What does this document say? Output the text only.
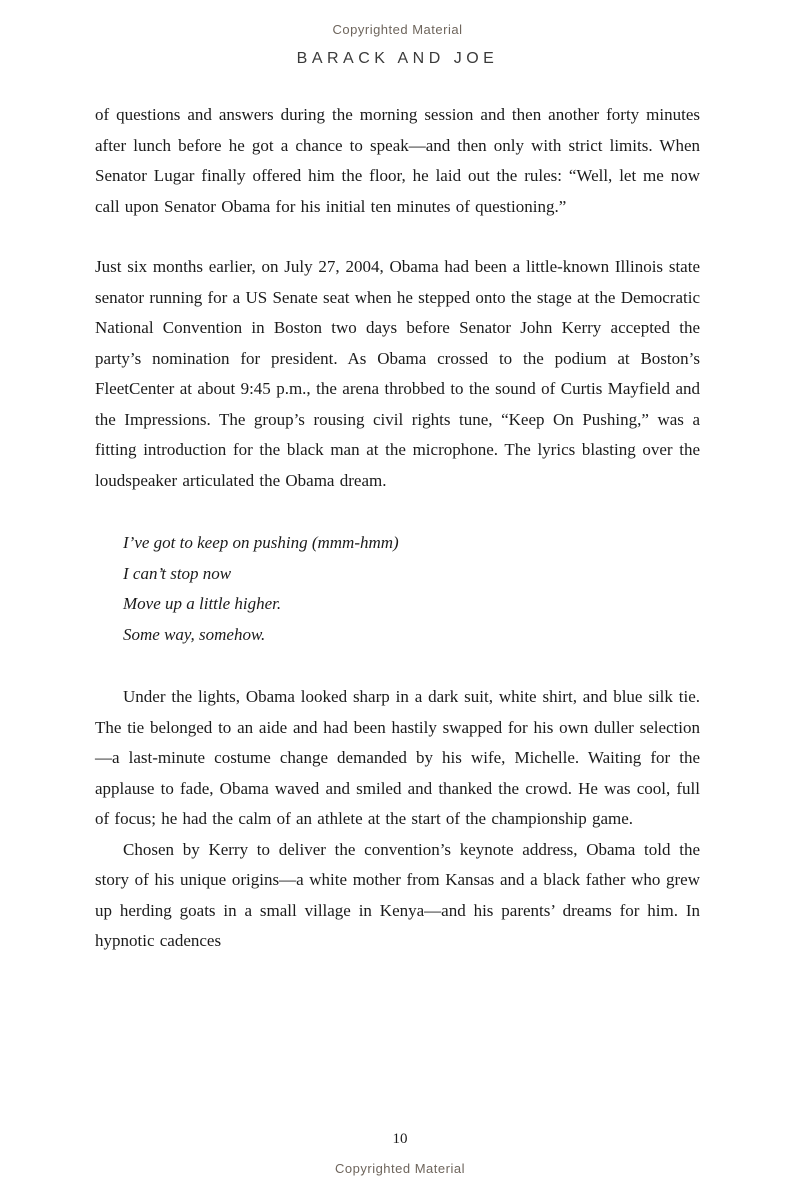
Copyrighted Material
BARACK AND JOE

of questions and answers during the morning session and then another forty minutes after lunch before he got a chance to speak—and then only with strict limits. When Senator Lugar finally offered him the floor, he laid out the rules: “Well, let me now call upon Senator Obama for his initial ten minutes of questioning.”

Just six months earlier, on July 27, 2004, Obama had been a little-known Illinois state senator running for a US Senate seat when he stepped onto the stage at the Democratic National Convention in Boston two days before Senator John Kerry accepted the party’s nomination for president. As Obama crossed to the podium at Boston’s FleetCenter at about 9:45 p.m., the arena throbbed to the sound of Curtis Mayfield and the Impressions. The group’s rousing civil rights tune, “Keep On Pushing,” was a fitting introduction for the black man at the microphone. The lyrics blasting over the loudspeaker articulated the Obama dream.

I’ve got to keep on pushing (mmm-hmm)
I can’t stop now
Move up a little higher.
Some way, somehow.

Under the lights, Obama looked sharp in a dark suit, white shirt, and blue silk tie. The tie belonged to an aide and had been hastily swapped for his own duller selection—a last-minute costume change demanded by his wife, Michelle. Waiting for the applause to fade, Obama waved and smiled and thanked the crowd. He was cool, full of focus; he had the calm of an athlete at the start of the championship game.

Chosen by Kerry to deliver the convention’s keynote address, Obama told the story of his unique origins—a white mother from Kansas and a black father who grew up herding goats in a small village in Kenya—and his parents’ dreams for him. In hypnotic cadences

10
Copyrighted Material
